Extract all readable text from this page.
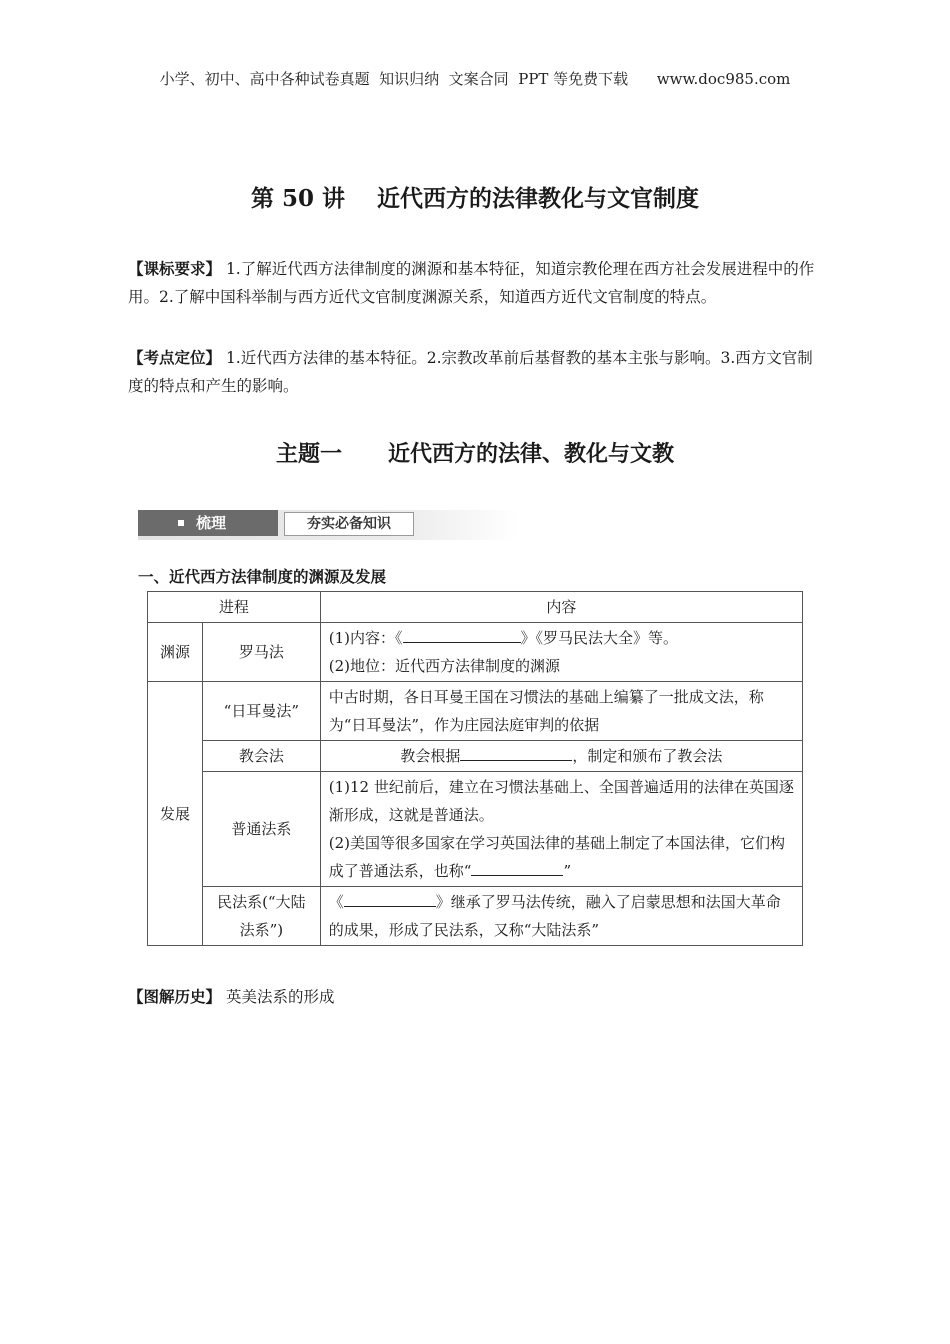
小学、初中、高中各种试卷真题  知识归纳  文案合同  PPT 等免费下载      www.doc985.com
第 50 讲    近代西方的法律教化与文官制度
【课标要求】 1.了解近代西方法律制度的渊源和基本特征，知道宗教伦理在西方社会发展进程中的作用。2.了解中国科举制与西方近代文官制度渊源关系，知道西方近代文官制度的特点。
【考点定位】 1.近代西方法律的基本特征。2.宗教改革前后基督教的基本主张与影响。3.西方文官制度的特点和产生的影响。
主题一      近代西方的法律、教化与文教
梳理	夯实必备知识
一、近代西方法律制度的渊源及发展
进程		内容
渊源	罗马法	(1)内容：《 》《罗马民法大全》等。
(2)地位：近代西方法律制度的渊源

发展	“日耳曼法”	中古时期，各日耳曼王国在习惯法的基础上编纂了一批成文法，称为“日耳曼法”，作为庄园法庭审判的依据
	教会法	教会根据 ，制定和颁布了教会法
	普通法系	(1)12 世纪前后，建立在习惯法基础上、全国普遍适用的法律在英国逐渐形成，这就是普通法。
(2)美国等很多国家在学习英国法律的基础上制定了本国法律，它们构成了普通法系，也称“ ”

	民法系(“大陆法系”)	《 》继承了罗马法传统，融入了启蒙思想和法国大革命的成果，形成了民法系，又称“大陆法系”
【图解历史】 英美法系的形成
